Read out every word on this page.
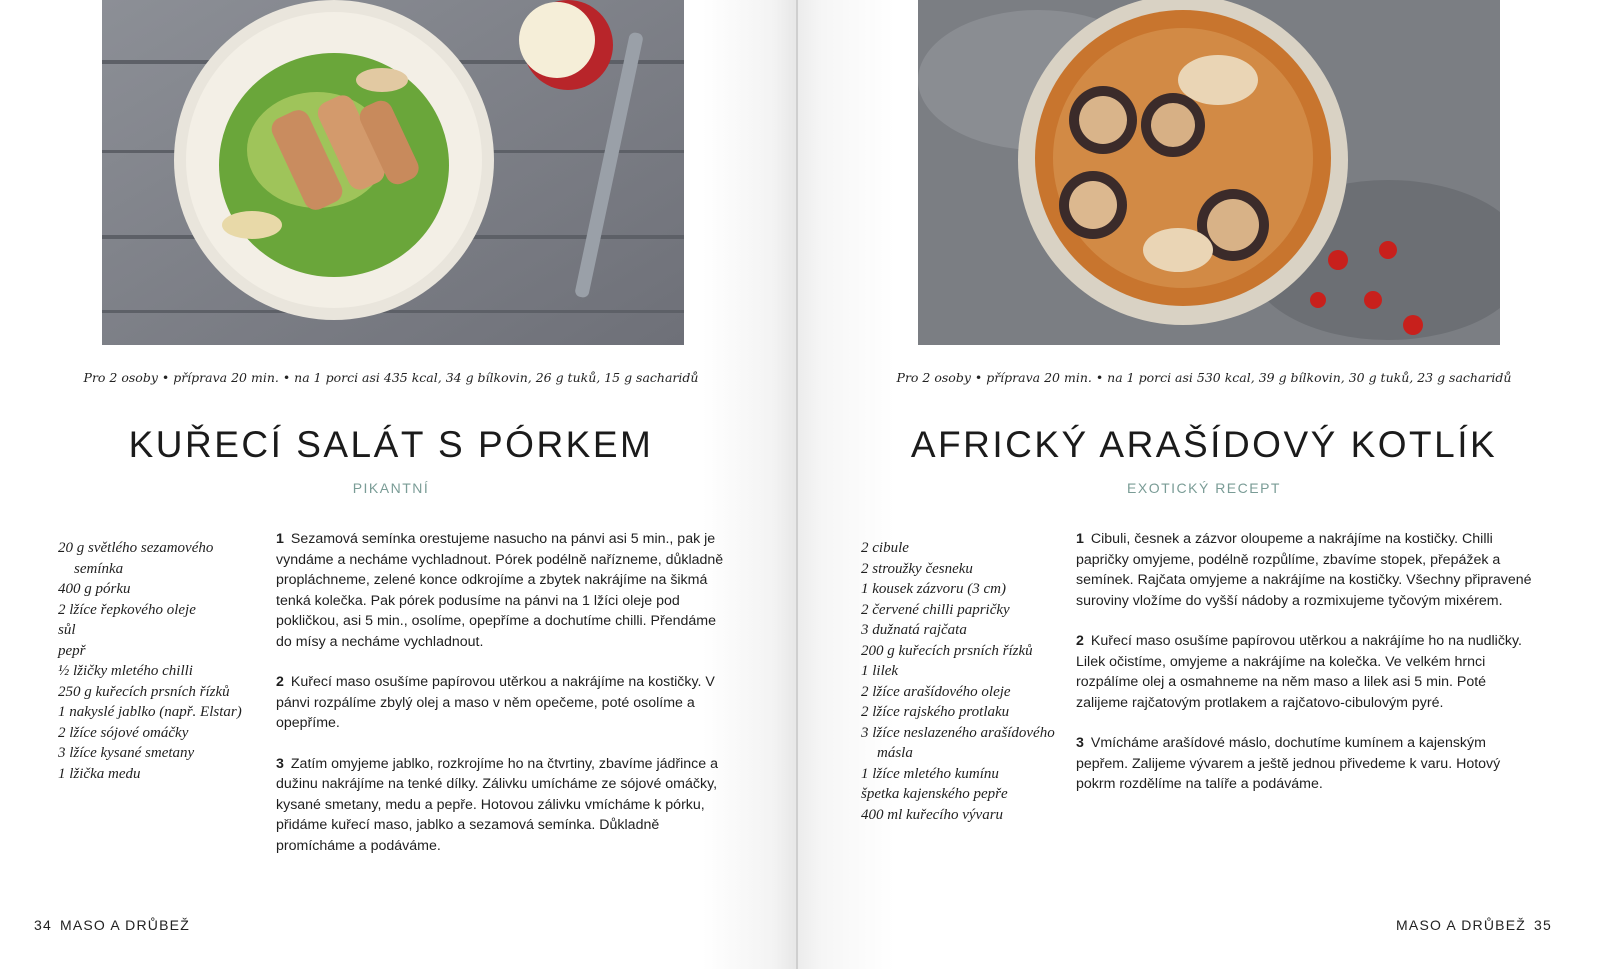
Pro 2 osoby • příprava 20 min. • na 1 porci asi 435 kcal, 34 g bílkovin, 26 g tuků, 15 g sacharidů
KUŘECÍ SALÁT S PÓRKEM
PIKANTNÍ
20 g světlého sezamového semínka
400 g pórku
2 lžíce řepkového oleje
sůl
pepř
½ lžičky mletého chilli
250 g kuřecích prsních řízků
1 nakyslé jablko (např. Elstar)
2 lžíce sójové omáčky
3 lžíce kysané smetany
1 lžička medu

1 Sezamová semínka orestujeme nasucho na pánvi asi 5 min., pak je vyndáme a necháme vychladnout. Pórek podélně nařízneme, důkladně propláchneme, zelené konce odkrojíme a zbytek nakrájíme na šikmá tenká kolečka. Pak pórek podusíme na pánvi na 1 lžíci oleje pod pokličkou, asi 5 min., osolíme, opepříme a dochutíme chilli. Přendáme do mísy a necháme vychladnout.

2 Kuřecí maso osušíme papírovou utěrkou a nakrájíme na kostičky. V pánvi rozpálíme zbylý olej a maso v něm opečeme, poté osolíme a opepříme.

3 Zatím omyjeme jablko, rozkrojíme ho na čtvrtiny, zbavíme jádřince a dužinu nakrájíme na tenké dílky. Zálivku umícháme ze sójové omáčky, kysané smetany, medu a pepře. Hotovou zálivku vmícháme k pórku, přidáme kuřecí maso, jablko a sezamová semínka. Důkladně promícháme a podáváme.

34 MASO A DRŮBEŽ
Pro 2 osoby • příprava 20 min. • na 1 porci asi 530 kcal, 39 g bílkovin, 30 g tuků, 23 g sacharidů
AFRICKÝ ARAŠÍDOVÝ KOTLÍK
EXOTICKÝ RECEPT
2 cibule
2 stroužky česneku
1 kousek zázvoru (3 cm)
2 červené chilli papričky
3 dužnatá rajčata
200 g kuřecích prsních řízků
1 lilek
2 lžíce arašídového oleje
2 lžíce rajského protlaku
3 lžíce neslazeného arašídového másla
1 lžíce mletého kumínu
špetka kajenského pepře
400 ml kuřecího vývaru

1 Cibuli, česnek a zázvor oloupeme a nakrájíme na kostičky. Chilli papričky omyjeme, podélně rozpůlíme, zbavíme stopek, přepážek a semínek. Rajčata omyjeme a nakrájíme na kostičky. Všechny připravené suroviny vložíme do vyšší nádoby a rozmixujeme tyčovým mixérem.

2 Kuřecí maso osušíme papírovou utěrkou a nakrájíme ho na nudličky. Lilek očistíme, omyjeme a nakrájíme na kolečka. Ve velkém hrnci rozpálíme olej a osmahneme na něm maso a lilek asi 5 min. Poté zalijeme rajčatovým protlakem a rajčatovo-cibulovým pyré.

3 Vmícháme arašídové máslo, dochutíme kumínem a kajenským pepřem. Zalijeme vývarem a ještě jednou přivedeme k varu. Hotový pokrm rozdělíme na talíře a podáváme.

MASO A DRŮBEŽ 35
